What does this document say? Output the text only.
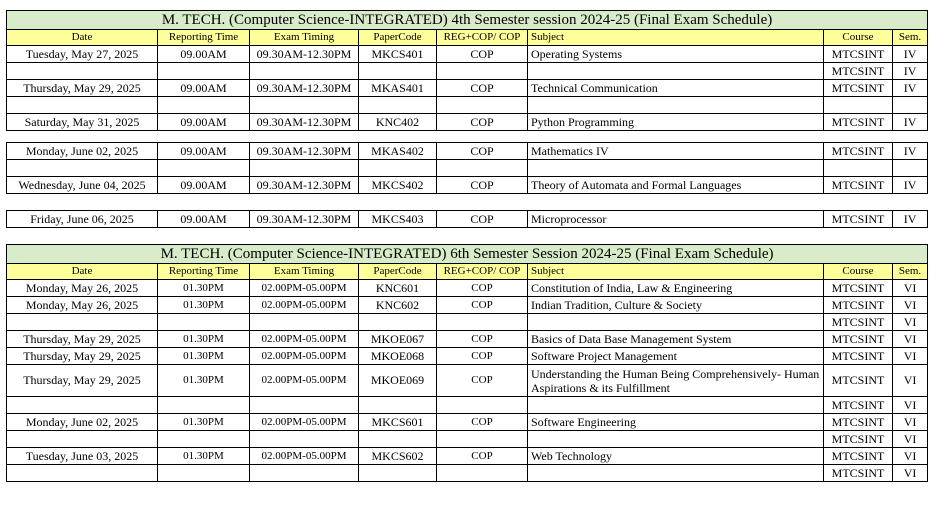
M. TECH. (Computer Science-INTEGRATED) 4th Semester session 2024-25 (Final Exam Schedule)							
Date	Reporting Time	Exam Timing	PaperCode	REG+COP/ COP	Subject	Course	Sem.
Tuesday, May 27, 2025	09.00AM	09.30AM-12.30PM	MKCS401	COP	Operating Systems	MTCSINT	IV
						MTCSINT	IV
Thursday, May 29, 2025	09.00AM	09.30AM-12.30PM	MKAS401	COP	Technical Communication	MTCSINT	IV

Saturday, May 31, 2025	09.00AM	09.30AM-12.30PM	KNC402	COP	Python Programming	MTCSINT	IV

Monday, June 02, 2025	09.00AM	09.30AM-12.30PM	MKAS402	COP	Mathematics IV	MTCSINT	IV

Wednesday, June 04, 2025	09.00AM	09.30AM-12.30PM	MKCS402	COP	Theory of Automata and Formal Languages	MTCSINT	IV

Friday, June 06, 2025	09.00AM	09.30AM-12.30PM	MKCS403	COP	Microprocessor	MTCSINT	IV

M. TECH. (Computer Science-INTEGRATED) 6th Semester Session 2024-25 (Final Exam Schedule)							
Date	Reporting Time	Exam Timing	PaperCode	REG+COP/ COP	Subject	Course	Sem.
Monday, May 26, 2025	01.30PM	02.00PM-05.00PM	KNC601	COP	Constitution of India, Law & Engineering	MTCSINT	VI
Monday, May 26, 2025	01.30PM	02.00PM-05.00PM	KNC602	COP	Indian Tradition, Culture & Society	MTCSINT	VI
						MTCSINT	VI
Thursday, May 29, 2025	01.30PM	02.00PM-05.00PM	MKOE067	COP	Basics of Data Base Management System	MTCSINT	VI
Thursday, May 29, 2025	01.30PM	02.00PM-05.00PM	MKOE068	COP	Software Project Management	MTCSINT	VI
Thursday, May 29, 2025	01.30PM	02.00PM-05.00PM	MKOE069	COP	Understanding the Human Being Comprehensively- Human Aspirations & its Fulfillment	MTCSINT	VI
						MTCSINT	VI
Monday, June 02, 2025	01.30PM	02.00PM-05.00PM	MKCS601	COP	Software Engineering	MTCSINT	VI
						MTCSINT	VI
Tuesday, June 03, 2025	01.30PM	02.00PM-05.00PM	MKCS602	COP	Web Technology	MTCSINT	VI
						MTCSINT	VI
